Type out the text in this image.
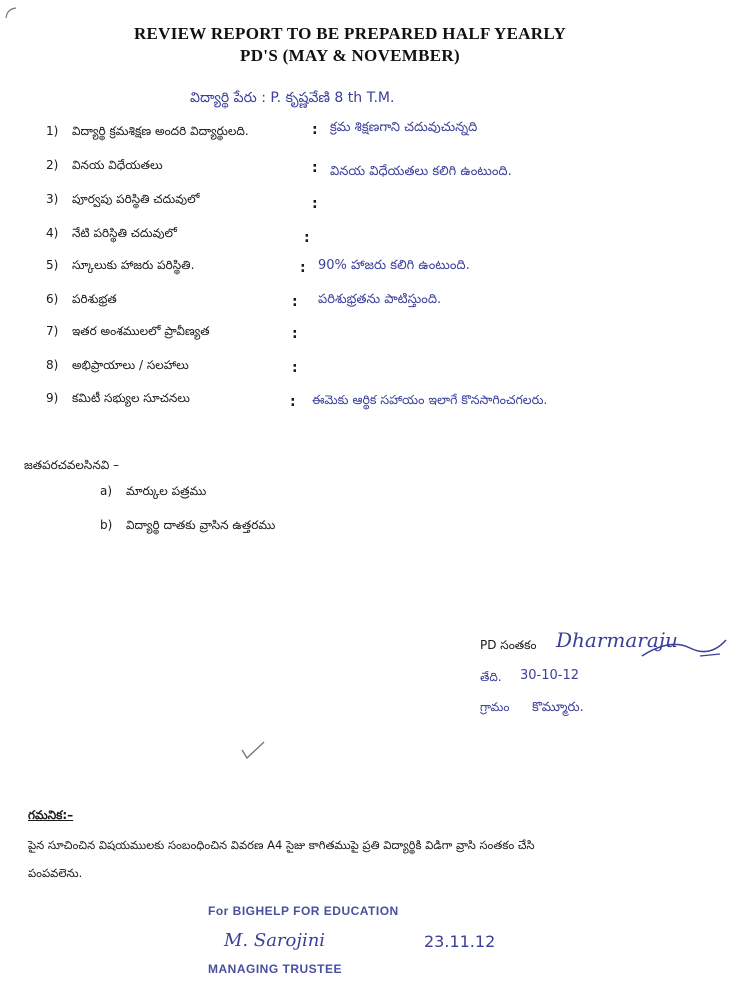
REVIEW REPORT TO BE PREPARED HALF YEARLY
PD'S (MAY & NOVEMBER)
విద్యార్థి పేరు : P. కృష్ణవేణి 8 th T.M.
1) విద్యార్థి క్రమశిక్షణ అందరి విద్యార్థులది.	: క్రమ శిక్షణగాని చదువుచున్నది
2) వినయ విధేయతలు	: వినయ విధేయతలు కలిగి ఉంటుంది.
3) పూర్వపు పరిస్థితి చదువులో	:
4) నేటి పరిస్థితి చదువులో	:
5) స్కూలుకు హాజరు పరిస్థితి.	: 90% హాజరు కలిగి ఉంటుంది.
6) పరిశుభ్రత	: పరిశుభ్రతను పాటిస్తుంది.
7) ఇతర అంశములలో ప్రావీణ్యత	:
8) అభిప్రాయాలు / సలహాలు	:
9) కమిటీ సభ్యుల సూచనలు	: ఈమెకు ఆర్థిక సహాయం ఇలాగే కొనసాగించగలరు.
జతపరచవలసినవి –
a) మార్కుల పత్రము
b) విద్యార్థి దాతకు వ్రాసిన ఉత్తరము
PD సంతకం Dharmaraju
తేది. 30-10-12
గ్రామం కొమ్మూరు.
గమనిక:–
పైన సూచించిన విషయములకు సంబంధించిన వివరణ A4 సైజు కాగితముపై ప్రతి విద్యార్థికి విడిగా వ్రాసి సంతకం చేసి
పంపవలెను.
For BIGHELP FOR EDUCATION
M. Sarojini	23.11.12
MANAGING TRUSTEE
